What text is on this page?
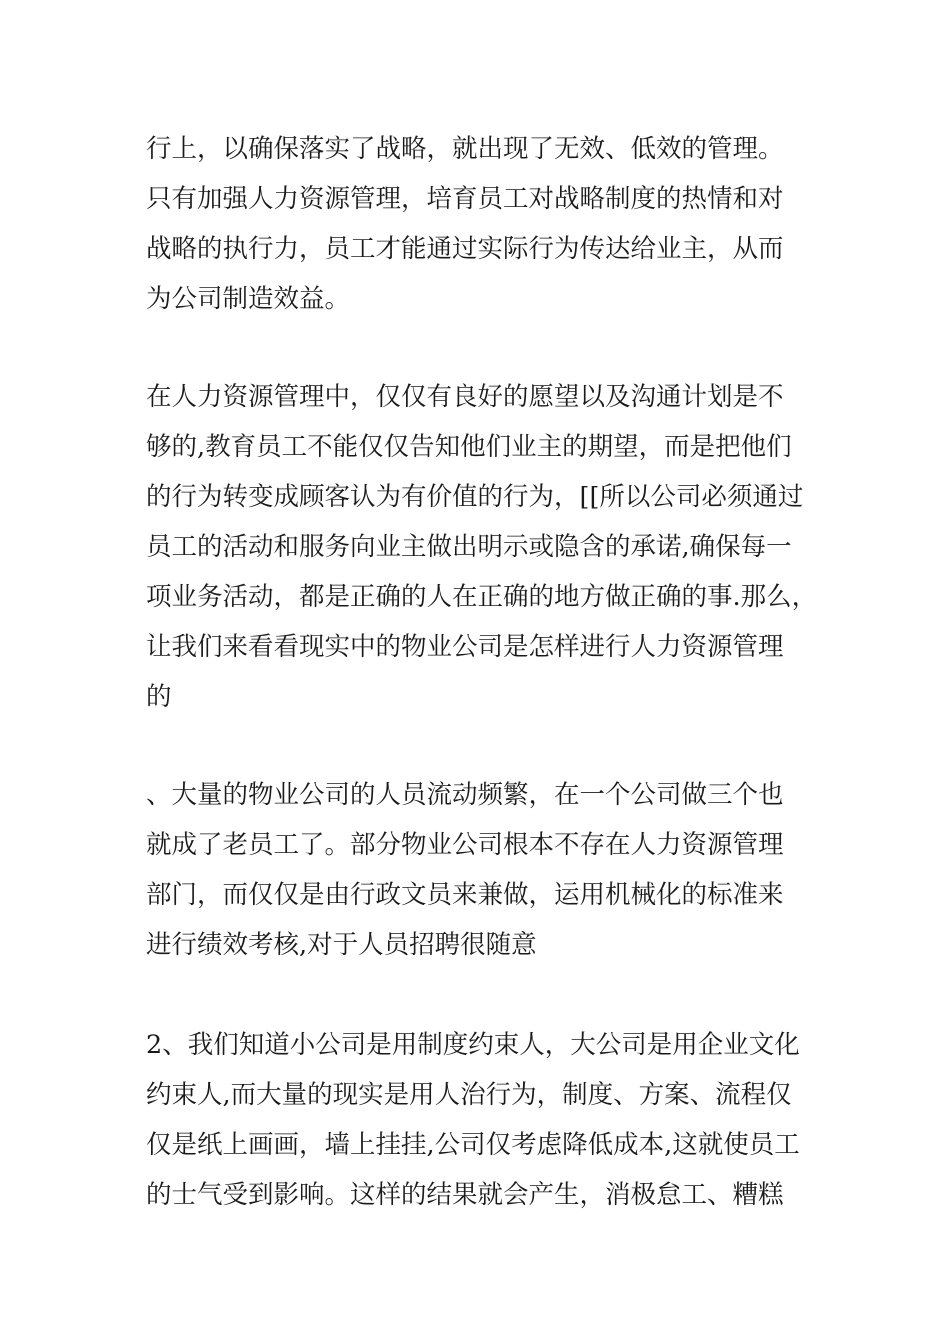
行上，以确保落实了战略，就出现了无效、低效的管理。
只有加强人力资源管理，培育员工对战略制度的热情和对
战略的执行力，员工才能通过实际行为传达给业主，从而
为公司制造效益。
在人力资源管理中，仅仅有良好的愿望以及沟通计划是不
够的,教育员工不能仅仅告知他们业主的期望，而是把他们
的行为转变成顾客认为有价值的行为，[[所以公司必须通过
员工的活动和服务向业主做出明示或隐含的承诺,确保每一
项业务活动，都是正确的人在正确的地方做正确的事.那么，
让我们来看看现实中的物业公司是怎样进行人力资源管理
的
、大量的物业公司的人员流动频繁，在一个公司做三个也
就成了老员工了。部分物业公司根本不存在人力资源管理
部门，而仅仅是由行政文员来兼做，运用机械化的标准来
进行绩效考核,对于人员招聘很随意
2、我们知道小公司是用制度约束人，大公司是用企业文化
约束人,而大量的现实是用人治行为，制度、方案、流程仅
仅是纸上画画，墙上挂挂,公司仅考虑降低成本,这就使员工
的士气受到影响。这样的结果就会产生，消极怠工、糟糕
